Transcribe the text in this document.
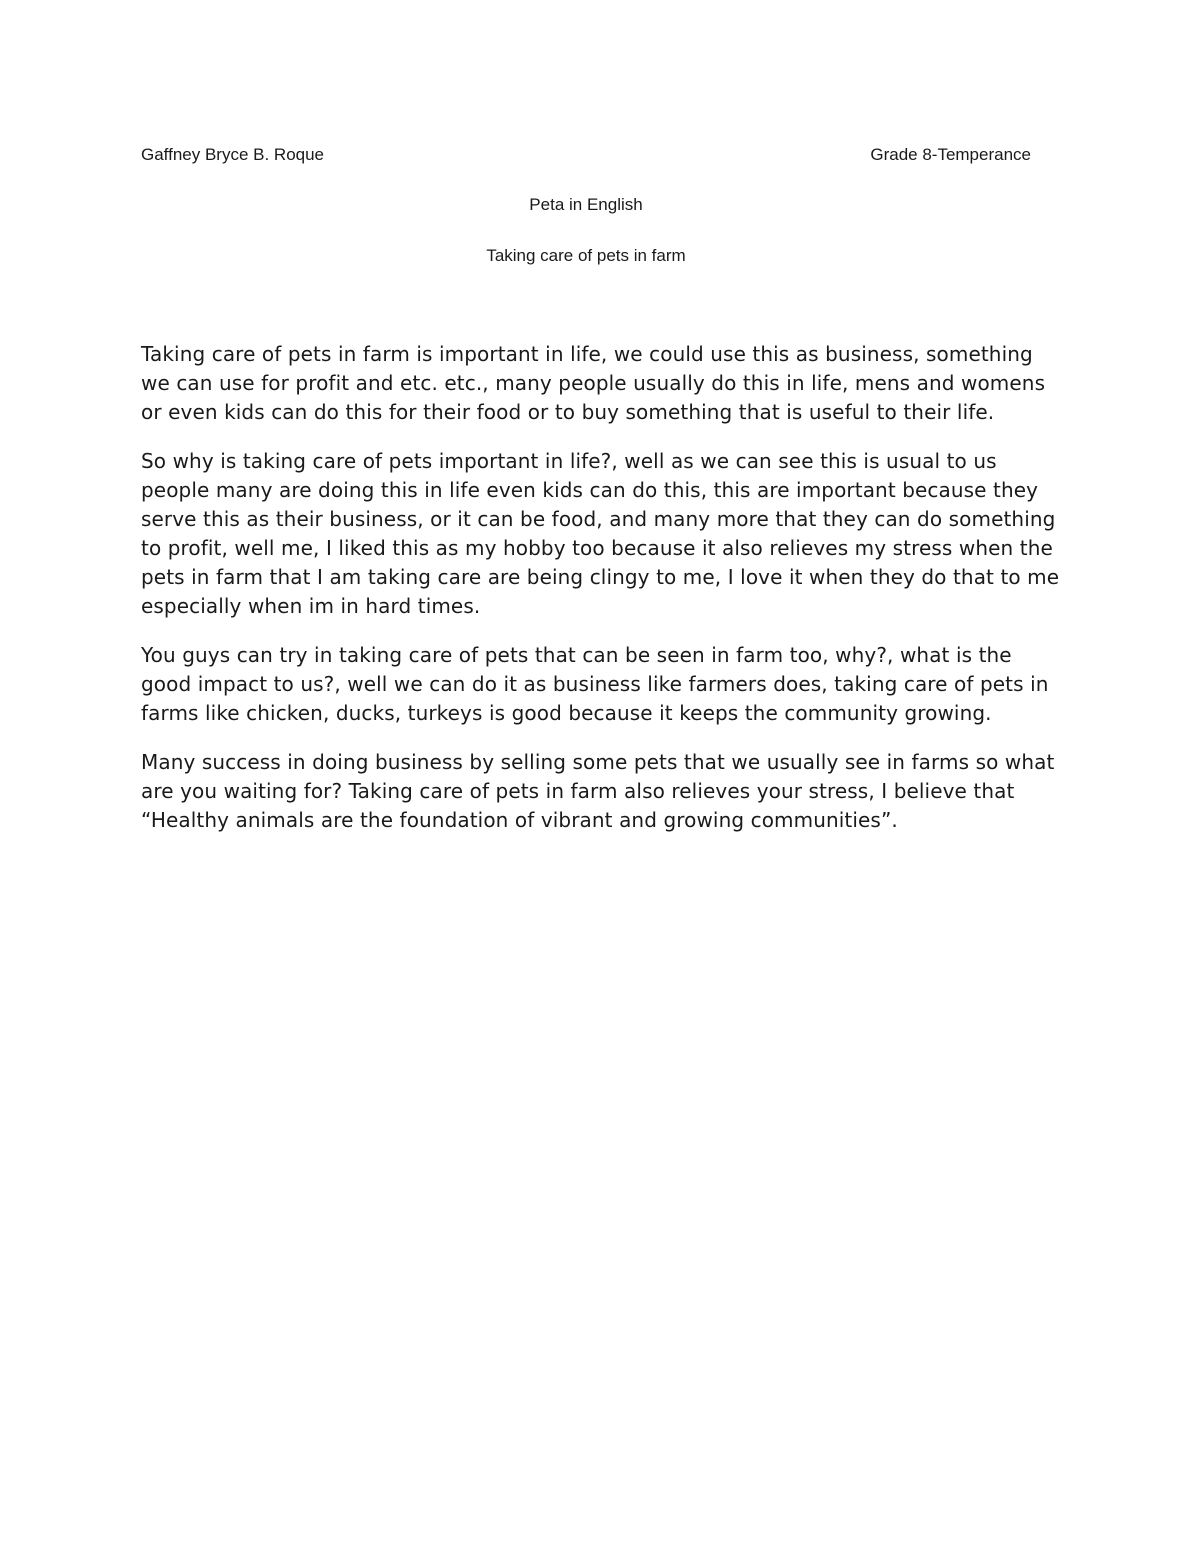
Gaffney Bryce B. Roque	Grade 8-Temperance
Peta in English
Taking care of pets in farm

Taking care of pets in farm is important in life, we could use this as business, something we can use for profit and etc. etc., many people usually do this in life, mens and womens or even kids can do this for their food or to buy something that is useful to their life.

So why is taking care of pets important in life?, well as we can see this is usual to us people many are doing this in life even kids can do this, this are important because they serve this as their business, or it can be food, and many more that they can do something to profit, well me, I liked this as my hobby too because it also relieves my stress when the pets in farm that I am taking care are being clingy to me, I love it when they do that to me especially when im in hard times.

You guys can try in taking care of pets that can be seen in farm too, why?, what is the good impact to us?, well we can do it as business like farmers does, taking care of pets in farms like chicken, ducks, turkeys is good because it keeps the community growing.

Many success in doing business by selling some pets that we usually see in farms so what are you waiting for? Taking care of pets in farm also relieves your stress, I believe that “Healthy animals are the foundation of vibrant and growing communities”.
